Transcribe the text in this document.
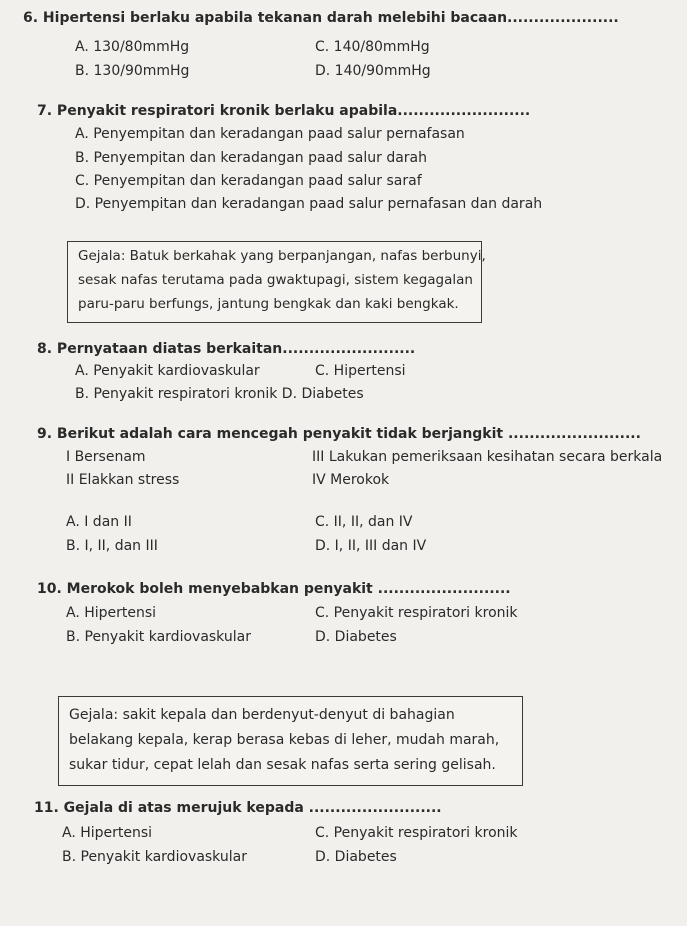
6. Hipertensi berlaku apabila tekanan darah melebihi bacaan.....................
A. 130/80mmHg	C. 140/80mmHg
B. 130/90mmHg	D. 140/90mmHg
7. Penyakit respiratori kronik berlaku apabila.........................
A. Penyempitan dan keradangan paad salur pernafasan
B. Penyempitan dan keradangan paad salur darah
C. Penyempitan dan keradangan paad salur saraf
D. Penyempitan dan keradangan paad salur pernafasan dan darah
Gejala: Batuk berkahak yang berpanjangan, nafas berbunyi,
sesak nafas terutama pada gwaktupagi, sistem kegagalan
paru-paru berfungs, jantung bengkak dan kaki bengkak.
8. Pernyataan diatas berkaitan.........................
A. Penyakit kardiovaskular	C. Hipertensi
B. Penyakit respiratori kronik D. Diabetes
9. Berikut adalah cara mencegah penyakit tidak berjangkit .........................
I Bersenam	III Lakukan pemeriksaan kesihatan secara berkala
II Elakkan stress	IV Merokok
A. I dan II	C. II, II, dan IV
B. I, II, dan III	D. I, II, III dan IV
10. Merokok boleh menyebabkan penyakit .........................
A. Hipertensi	C. Penyakit respiratori kronik
B. Penyakit kardiovaskular	D. Diabetes
Gejala: sakit kepala dan berdenyut-denyut di bahagian
belakang kepala, kerap berasa kebas di leher, mudah marah,
sukar tidur, cepat lelah dan sesak nafas serta sering gelisah.
11. Gejala di atas merujuk kepada .........................
A. Hipertensi	C. Penyakit respiratori kronik
B. Penyakit kardiovaskular	D. Diabetes
